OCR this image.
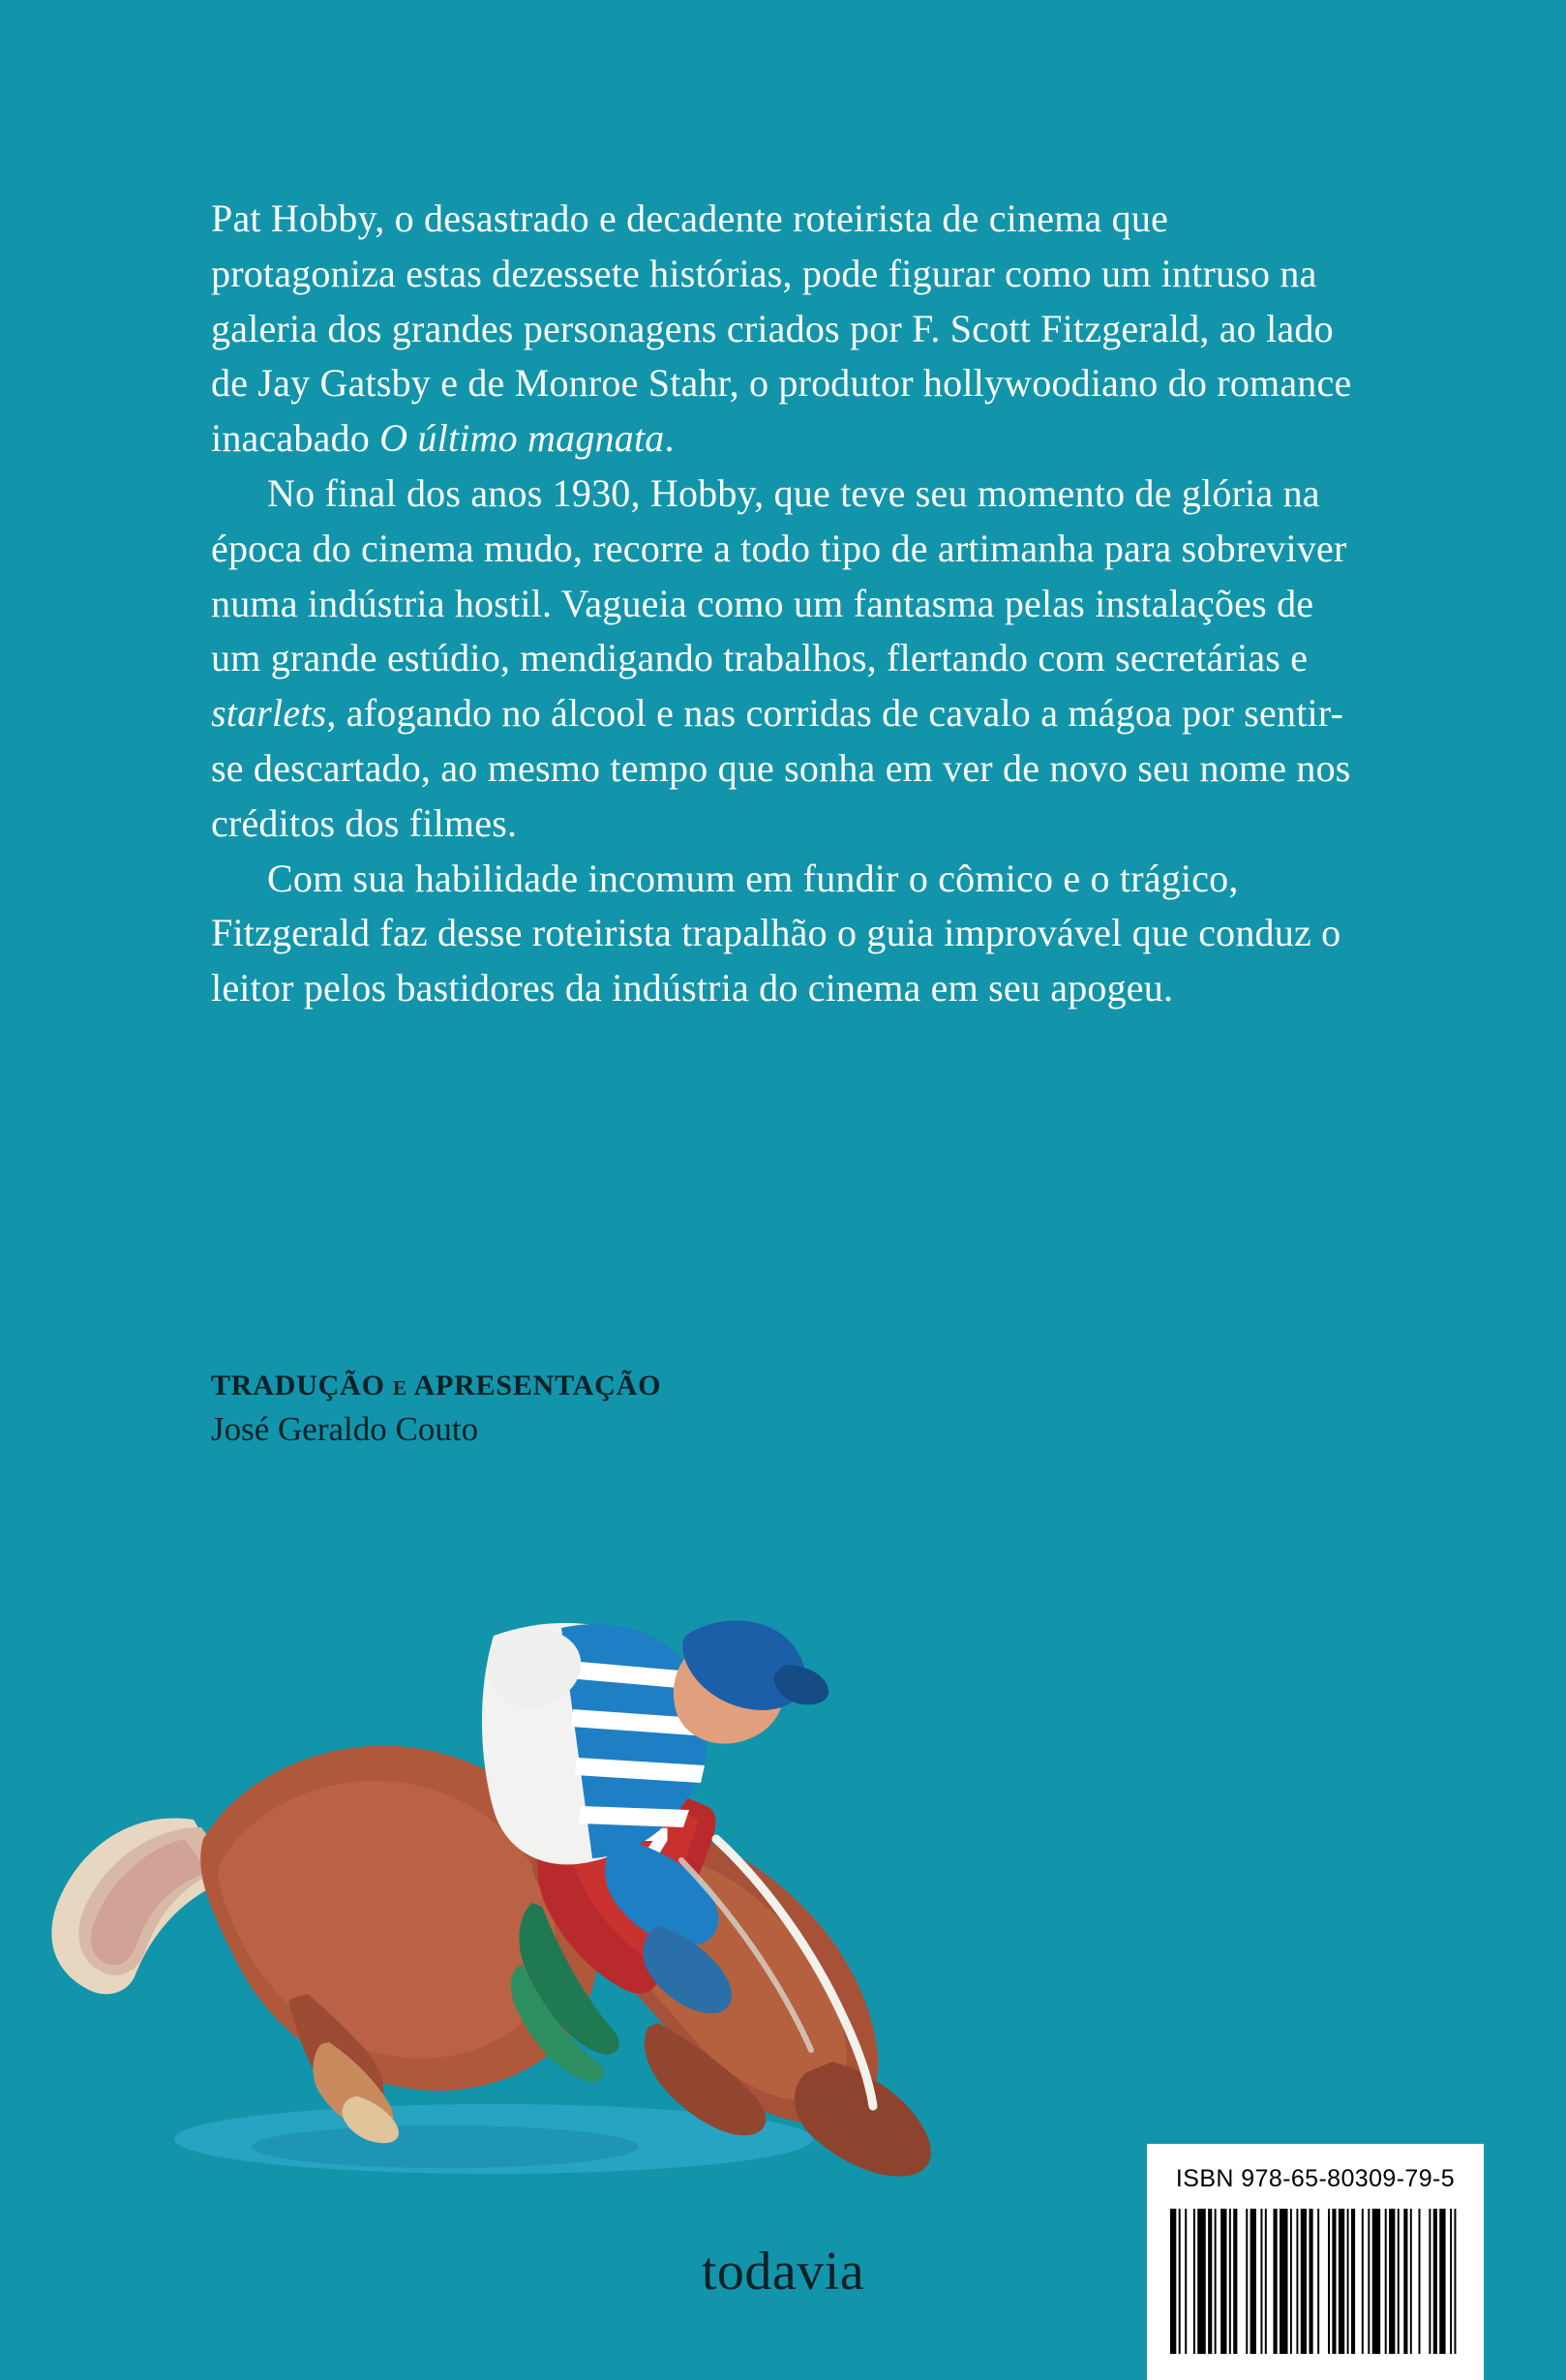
Pat Hobby, o desastrado e decadente roteirista de cinema que protagoniza estas dezessete histórias, pode figurar como um intruso na galeria dos grandes personagens criados por F. Scott Fitzgerald, ao lado de Jay Gatsby e de Monroe Stahr, o produtor hollywoodiano do romance inacabado O último magnata.

No final dos anos 1930, Hobby, que teve seu momento de glória na época do cinema mudo, recorre a todo tipo de artimanha para sobreviver numa indústria hostil. Vagueia como um fantasma pelas instalações de um grande estúdio, mendigando trabalhos, flertando com secretárias e starlets, afogando no álcool e nas corridas de cavalo a mágoa por sentir-se descartado, ao mesmo tempo que sonha em ver de novo seu nome nos créditos dos filmes.

Com sua habilidade incomum em fundir o cômico e o trágico, Fitzgerald faz desse roteirista trapalhão o guia improvável que conduz o leitor pelos bastidores da indústria do cinema em seu apogeu.

TRADUÇÃO e APRESENTAÇÃO
José Geraldo Couto
todavia
ISBN 978-65-80309-79-5
